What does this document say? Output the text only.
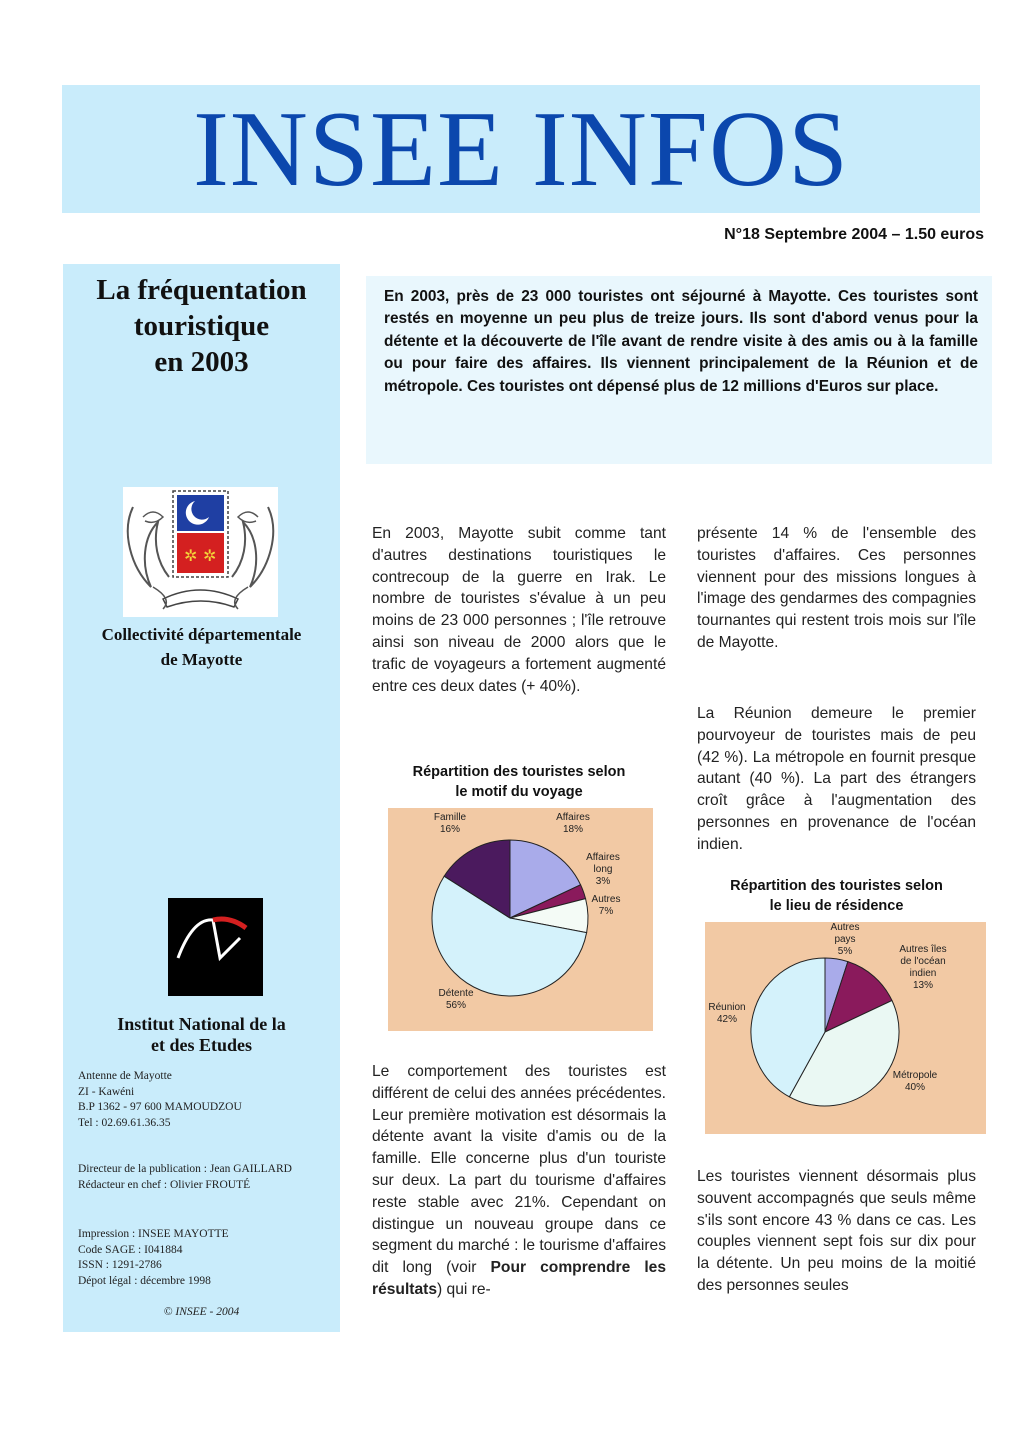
INSEE INFOS
N°18 Septembre 2004 – 1.50 euros
La fréquentation
touristique
en 2003
✲ ✲
Collectivité départementale
de Mayotte
Institut National de la
et des Etudes
Antenne de Mayotte
ZI - Kawéni
B.P 1362 - 97 600 MAMOUDZOU
Tel : 02.69.61.36.35
Directeur de la publication : Jean GAILLARD
Rédacteur en chef : Olivier FROUTÉ
Impression : INSEE MAYOTTE
Code SAGE : I041884
ISSN : 1291-2786
Dépot légal : décembre 1998
© INSEE - 2004
En 2003, près de 23 000 touristes ont séjourné à Mayotte. Ces touristes sont restés en moyenne un peu plus de treize jours. Ils sont d'abord venus pour la détente et la découverte de l'île avant de rendre visite à des amis ou à la famille ou pour faire des affaires. Ils viennent principalement de la Réunion et de métropole. Ces touristes ont dépensé plus de 12 millions d'Euros sur place.

En 2003, Mayotte subit comme tant d'autres destinations touristiques le contrecoup de la guerre en Irak. Le nombre de touristes s'évalue à un peu moins de 23 000 personnes ; l'île retrouve ainsi son niveau de 2000 alors que le trafic de voyageurs a fortement augmenté entre ces deux dates (+ 40%).

Répartition des touristes selon
le motif du voyage
Affaires 18%
Affaires long 3%
Autres 7%
Détente 56%
Famille 16%

Le comportement des touristes est différent de celui des années précédentes. Leur première motivation est désormais la détente avant la visite d'amis ou de la famille. Elle concerne plus d'un touriste sur deux. La part du tourisme d'affaires reste stable avec 21%. Cependant on distingue un nouveau groupe dans ce segment du marché : le tourisme d'affaires dit long (voir Pour comprendre les résultats) qui re-

présente 14 % de l'ensemble des touristes d'affaires. Ces personnes viennent pour des missions longues à l'image des gendarmes des compagnies tournantes qui restent trois mois sur l'île de Mayotte.

La Réunion demeure le premier pourvoyeur de touristes mais de peu (42 %). La métropole en fournit presque autant (40 %). La part des étrangers croît grâce à l'augmentation des personnes en provenance de l'océan indien.

Répartition des touristes selon
le lieu de résidence
Autres pays 5%	Autres îles de l'océan indien 13%
Métropole 40%
Réunion 42%

Les touristes viennent désormais plus souvent accompagnés que seuls même s'ils sont encore 43 % dans ce cas. Les couples viennent sept fois sur dix pour la détente. Un peu moins de la moitié des personnes seules
